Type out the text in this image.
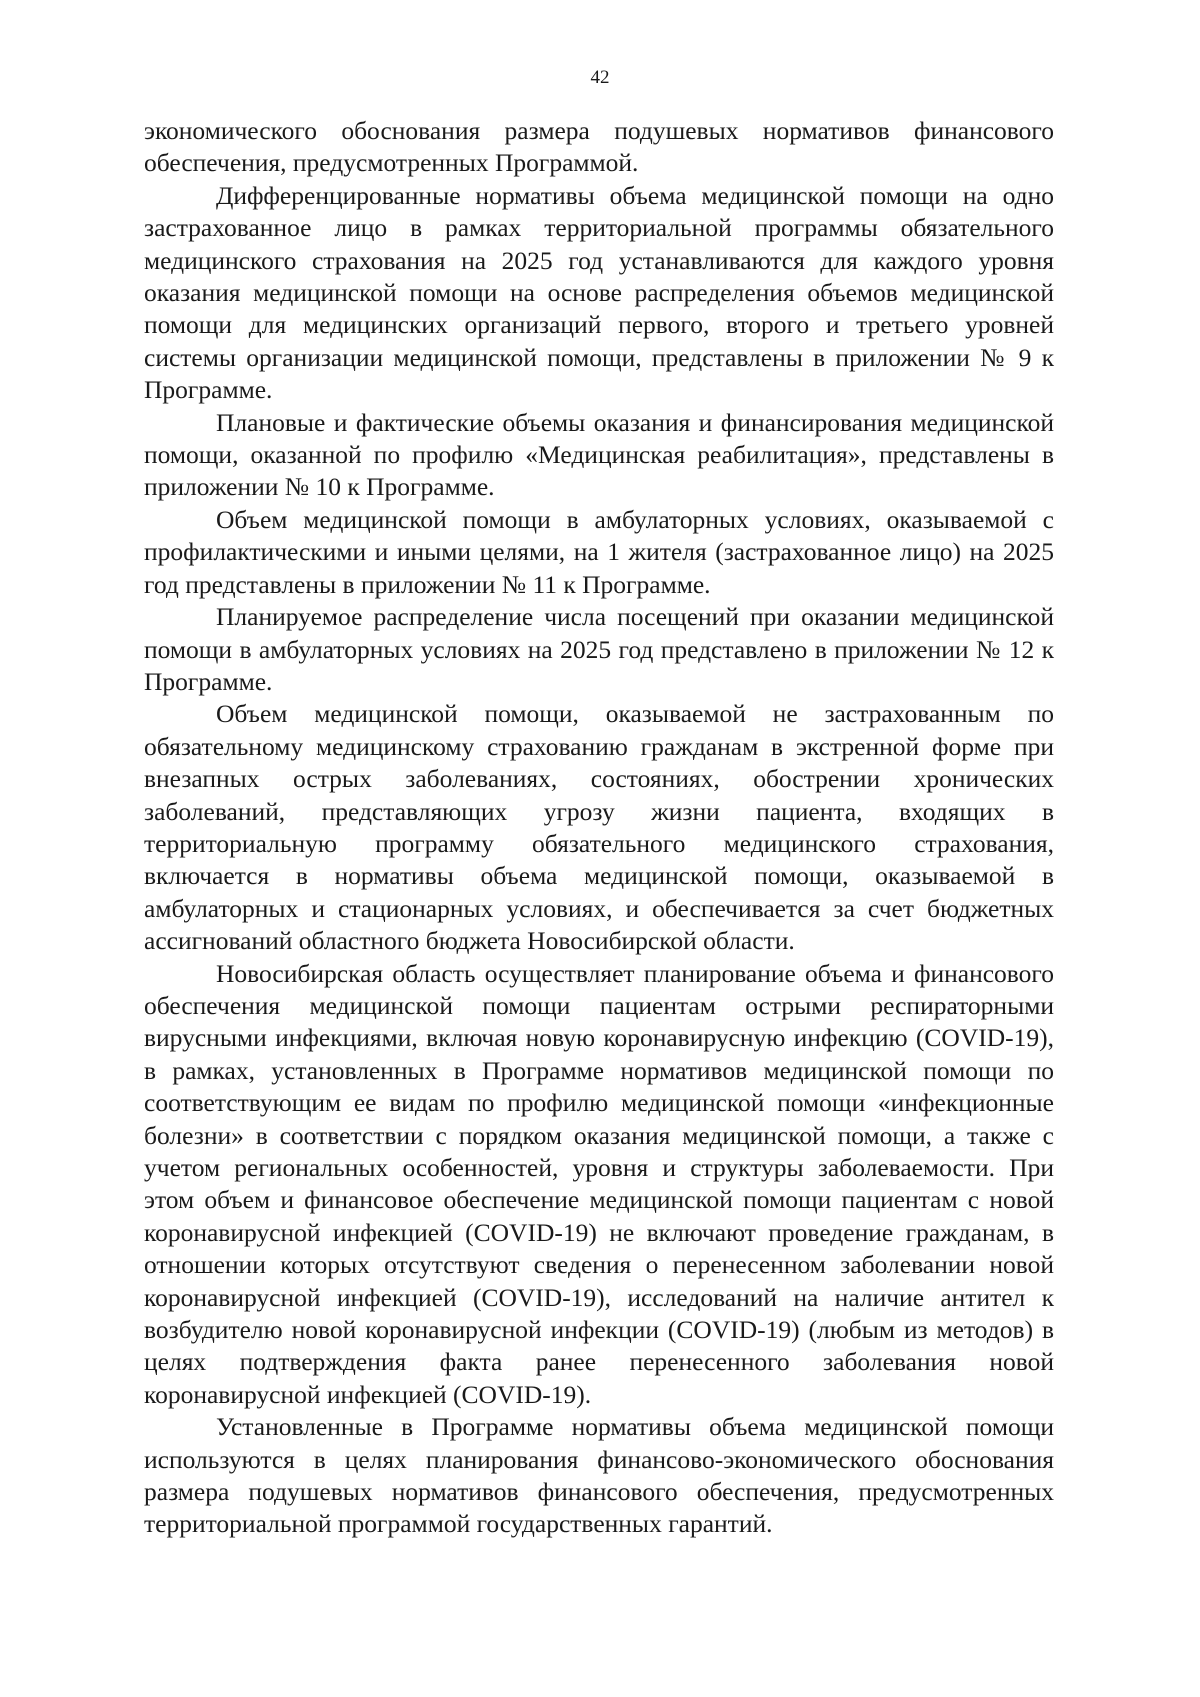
42

экономического обоснования размера подушевых нормативов финансового обеспечения, предусмотренных Программой.

Дифференцированные нормативы объема медицинской помощи на одно застрахованное лицо в рамках территориальной программы обязательного медицинского страхования на 2025 год устанавливаются для каждого уровня оказания медицинской помощи на основе распределения объемов медицинской помощи для медицинских организаций первого, второго и третьего уровней системы организации медицинской помощи, представлены в приложении № 9 к Программе.

Плановые и фактические объемы оказания и финансирования медицинской помощи, оказанной по профилю «Медицинская реабилитация», представлены в приложении № 10 к Программе.

Объем медицинской помощи в амбулаторных условиях, оказываемой с профилактическими и иными целями, на 1 жителя (застрахованное лицо) на 2025 год представлены в приложении № 11 к Программе.

Планируемое распределение числа посещений при оказании медицинской помощи в амбулаторных условиях на 2025 год представлено в приложении № 12 к Программе.

Объем медицинской помощи, оказываемой не застрахованным по обязательному медицинскому страхованию гражданам в экстренной форме при внезапных острых заболеваниях, состояниях, обострении хронических заболеваний, представляющих угрозу жизни пациента, входящих в территориальную программу обязательного медицинского страхования, включается в нормативы объема медицинской помощи, оказываемой в амбулаторных и стационарных условиях, и обеспечивается за счет бюджетных ассигнований областного бюджета Новосибирской области.

Новосибирская область осуществляет планирование объема и финансового обеспечения медицинской помощи пациентам острыми респираторными вирусными инфекциями, включая новую коронавирусную инфекцию (COVID-19), в рамках, установленных в Программе нормативов медицинской помощи по соответствующим ее видам по профилю медицинской помощи «инфекционные болезни» в соответствии с порядком оказания медицинской помощи, а также с учетом региональных особенностей, уровня и структуры заболеваемости. При этом объем и финансовое обеспечение медицинской помощи пациентам с новой коронавирусной инфекцией (COVID-19) не включают проведение гражданам, в отношении которых отсутствуют сведения о перенесенном заболевании новой коронавирусной инфекцией (COVID-19), исследований на наличие антител к возбудителю новой коронавирусной инфекции (COVID-19) (любым из методов) в целях подтверждения факта ранее перенесенного заболевания новой коронавирусной инфекцией (COVID-19).

Установленные в Программе нормативы объема медицинской помощи используются в целях планирования финансово-экономического обоснования размера подушевых нормативов финансового обеспечения, предусмотренных территориальной программой государственных гарантий.
